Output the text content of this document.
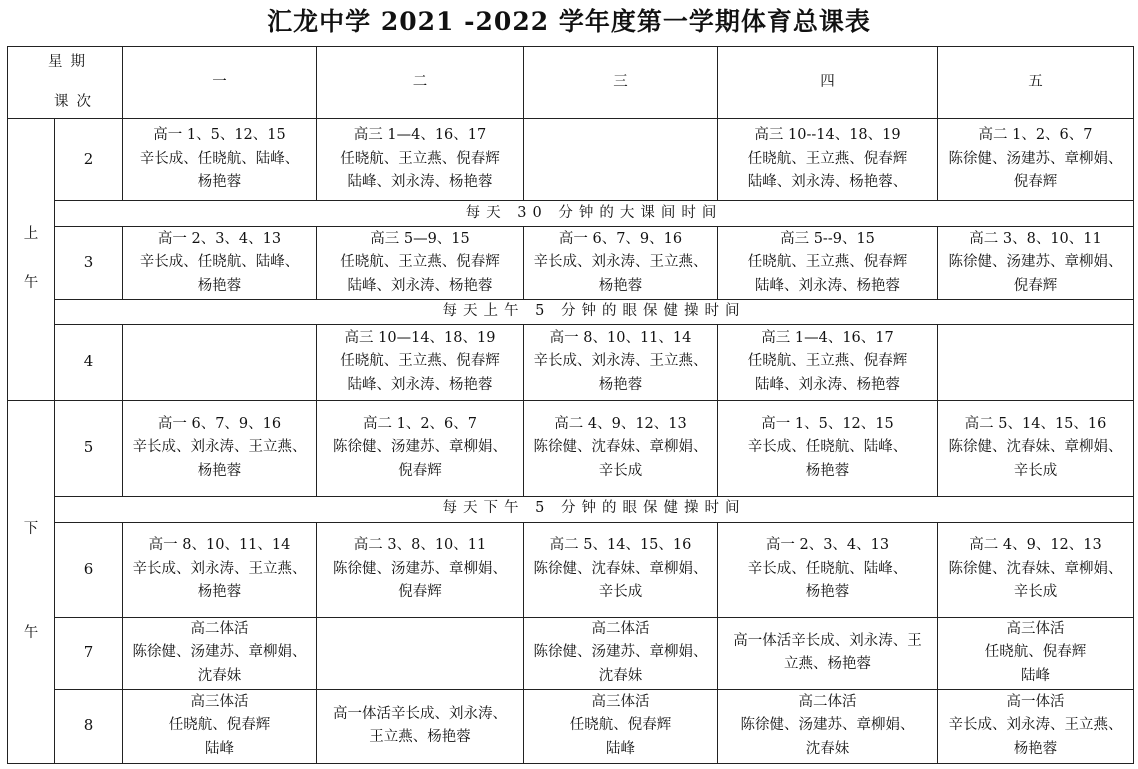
汇龙中学 2021 -2022 学年度第一学期体育总课表
星期
课次		一	二	三	四	五

上
午	2	高一 1、5、12、15
辛长成、任晓航、陆峰、
杨艳蓉	高三 1—4、16、17
任晓航、王立燕、倪春辉
陆峰、刘永涛、杨艳蓉		高三 10--14、18、19
任晓航、王立燕、倪春辉
陆峰、刘永涛、杨艳蓉、	高二 1、2、6、7
陈徐健、汤建苏、章柳娟、
倪春辉

	每天 30 分钟的大课间时间					
	3	高一 2、3、4、13
辛长成、任晓航、陆峰、
杨艳蓉	高三 5—9、15
任晓航、王立燕、倪春辉
陆峰、刘永涛、杨艳蓉	高一 6、7、9、16
辛长成、刘永涛、王立燕、
杨艳蓉	高三 5--9、15
任晓航、王立燕、倪春辉
陆峰、刘永涛、杨艳蓉	高二 3、8、10、11
陈徐健、汤建苏、章柳娟、
倪春辉

	每天上午 5 分钟的眼保健操时间					
	4		高三 10—14、18、19
任晓航、王立燕、倪春辉
陆峰、刘永涛、杨艳蓉	高一 8、10、11、14
辛长成、刘永涛、王立燕、
杨艳蓉	高三 1—4、16、17
任晓航、王立燕、倪春辉
陆峰、刘永涛、杨艳蓉	

下
午	5	高一 6、7、9、16
辛长成、刘永涛、王立燕、
杨艳蓉	高二 1、2、6、7
陈徐健、汤建苏、章柳娟、
倪春辉	高二 4、9、12、13
陈徐健、沈春妹、章柳娟、
辛长成	高一 1、5、12、15
辛长成、任晓航、陆峰、
杨艳蓉	高二 5、14、15、16
陈徐健、沈春妹、章柳娟、
辛长成

	每天下午 5 分钟的眼保健操时间					
	6	高一 8、10、11、14
辛长成、刘永涛、王立燕、
杨艳蓉	高二 3、8、10、11
陈徐健、汤建苏、章柳娟、
倪春辉	高二 5、14、15、16
陈徐健、沈春妹、章柳娟、
辛长成	高一 2、3、4、13
辛长成、任晓航、陆峰、
杨艳蓉	高二 4、9、12、13
陈徐健、沈春妹、章柳娟、
辛长成

	7	高二体活
陈徐健、汤建苏、章柳娟、
沈春妹		高二体活
陈徐健、汤建苏、章柳娟、
沈春妹	高一体活辛长成、刘永涛、王
立燕、杨艳蓉	高三体活
任晓航、倪春辉
陆峰

	8	高三体活
任晓航、倪春辉
陆峰	高一体活辛长成、刘永涛、
王立燕、杨艳蓉	高三体活
任晓航、倪春辉
陆峰	高二体活
陈徐健、汤建苏、章柳娟、
沈春妹	高一体活
辛长成、刘永涛、王立燕、
杨艳蓉
